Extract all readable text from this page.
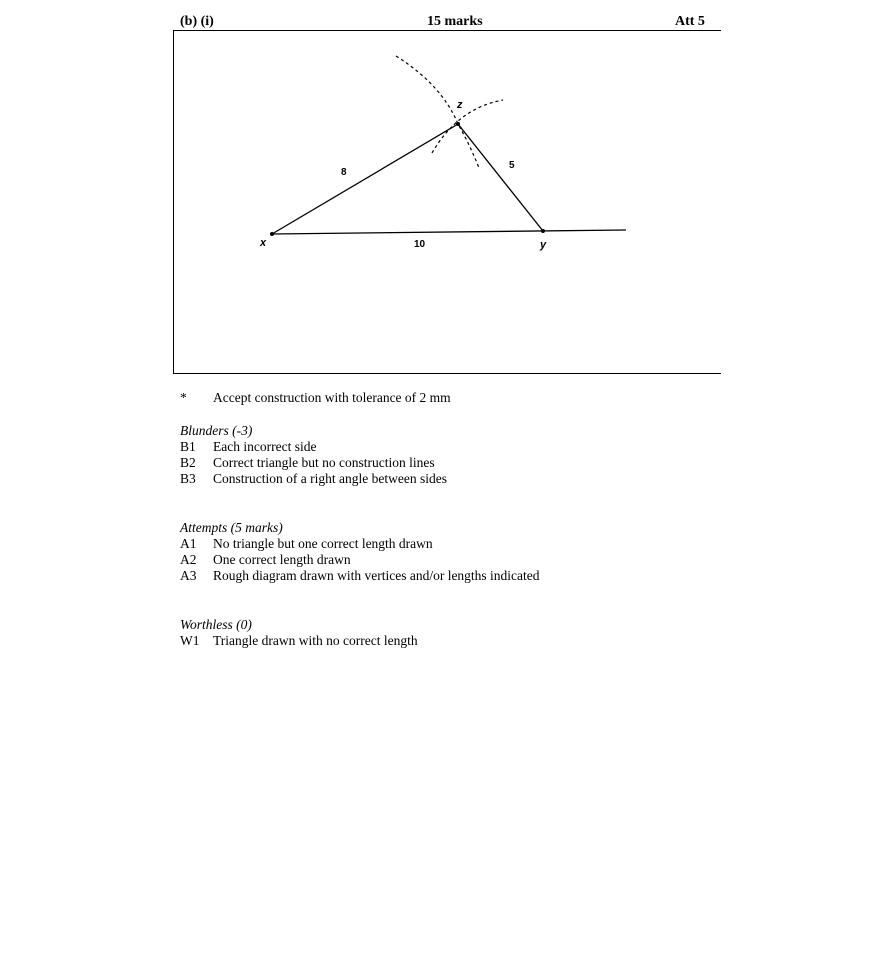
(b) (i)	15 marks	Att 5
x	y
z
8
5
10
* Accept construction with tolerance of 2 mm
Blunders (-3)
B1 Each incorrect side
B2 Correct triangle but no construction lines
B3 Construction of a right angle between sides
Attempts (5 marks)
A1 No triangle but one correct length drawn
A2 One correct length drawn
A3 Rough diagram drawn with vertices and/or lengths indicated
Worthless (0)
W1 Triangle drawn with no correct length
